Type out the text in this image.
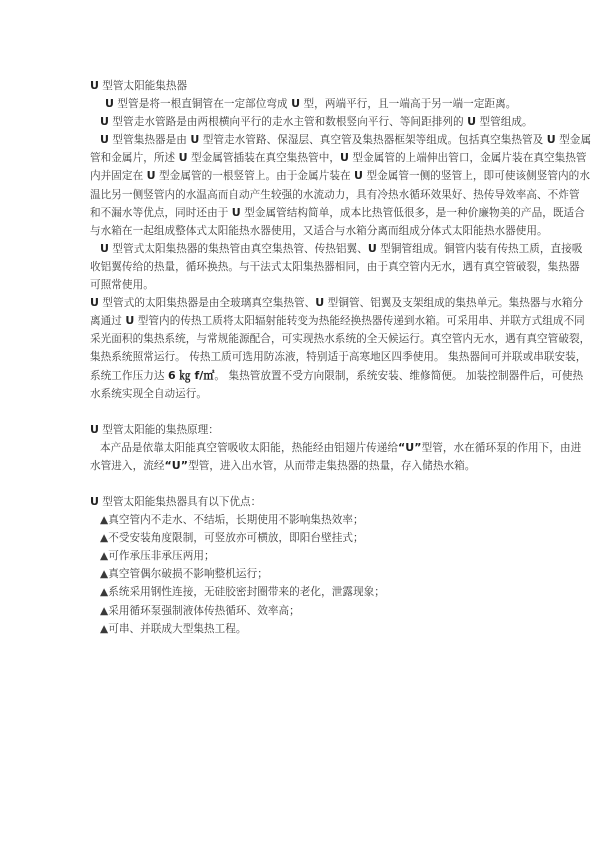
U 型管太阳能集热器
U 型管是将一根直铜管在一定部位弯成 U 型，两端平行，且一端高于另一端一定距离。
U 型管走水管路是由两根横向平行的走水主管和数根竖向平行、等间距排列的 U 型管组成。
U 型管集热器是由 U 型管走水管路、保湿层、真空管及集热器框架等组成。包括真空集热管及 U 型金属
管和金属片，所述 U 型金属管插装在真空集热管中，U 型金属管的上端伸出管口，金属片装在真空集热管
内并固定在 U 型金属管的一根竖管上。由于金属片装在 U 型金属管一侧的竖管上，即可使该侧竖管内的水
温比另一侧竖管内的水温高而自动产生较强的水流动力，具有冷热水循环效果好、热传导效率高、不炸管
和不漏水等优点，同时还由于 U 型金属管结构简单，成本比热管低很多，是一种价廉物美的产品，既适合
与水箱在一起组成整体式太阳能热水器使用，又适合与水箱分离而组成分体式太阳能热水器使用。
U 型管式太阳集热器的集热管由真空集热管、传热铝翼、U 型铜管组成。铜管内装有传热工质，直接吸
收铝翼传给的热量，循环换热。与干法式太阳集热器相同，由于真空管内无水，遇有真空管破裂，集热器
可照常使用。
U 型管式的太阳集热器是由全玻璃真空集热管、U 型铜管、铝翼及支架组成的集热单元。集热器与水箱分
离通过 U 型管内的传热工质将太阳辐射能转变为热能经换热器传递到水箱。可采用串、并联方式组成不同
采光面积的集热系统，与常规能源配合，可实现热水系统的全天候运行。真空管内无水，遇有真空管破裂，
集热系统照常运行。 传热工质可选用防冻液，特别适于高寒地区四季使用。 集热器间可并联或串联安装，
系统工作压力达 6 ㎏ f/㎡。 集热管放置不受方向限制，系统安装、维修简便。 加装控制器件后，可使热
水系统实现全自动运行。
U 型管太阳能的集热原理：
本产品是依靠太阳能真空管吸收太阳能，热能经由铝翅片传递给“U”型管，水在循环泵的作用下，由进
水管进入，流经“U”型管，进入出水管，从而带走集热器的热量，存入储热水箱。
U 型管太阳能集热器具有以下优点：
▲真空管内不走水、不结垢，长期使用不影响集热效率；
▲不受安装角度限制，可竖放亦可横放，即阳台壁挂式；
▲可作承压非承压两用；
▲真空管偶尔破损不影响整机运行；
▲系统采用钢性连接，无硅胶密封圈带来的老化，泄露现象；
▲采用循环泵强制液体传热循环、效率高；
▲可串、并联成大型集热工程。
